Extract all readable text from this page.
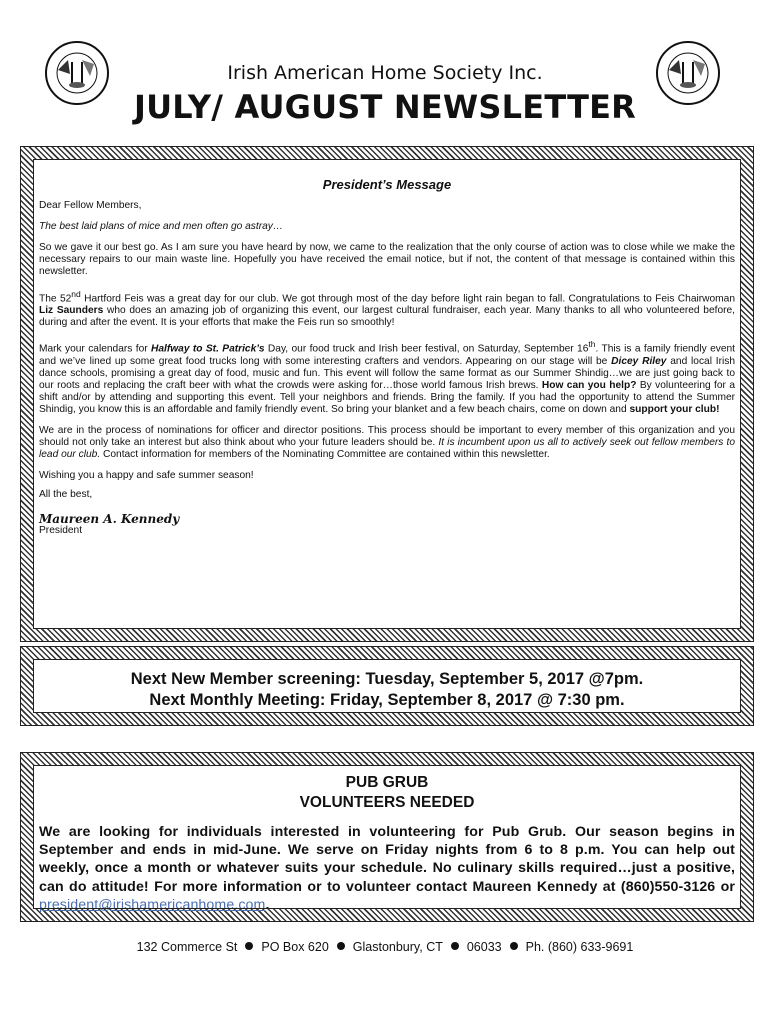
Irish American Home Society Inc.
JULY/ AUGUST NEWSLETTER
President’s Message

Dear Fellow Members,

The best laid plans of mice and men often go astray…

So we gave it our best go. As I am sure you have heard by now, we came to the realization that the only course of action was to close while we make the necessary repairs to our main waste line. Hopefully you have received the email notice, but if not, the content of that message is contained within this newsletter.

The 52nd Hartford Feis was a great day for our club. We got through most of the day before light rain began to fall. Congratulations to Feis Chairwoman Liz Saunders who does an amazing job of organizing this event, our largest cultural fundraiser, each year. Many thanks to all who volunteered before, during and after the event. It is your efforts that make the Feis run so smoothly!

Mark your calendars for Halfway to St. Patrick’s Day, our food truck and Irish beer festival, on Saturday, September 16th. This is a family friendly event and we’ve lined up some great food trucks long with some interesting crafters and vendors. Appearing on our stage will be Dicey Riley and local Irish dance schools, promising a great day of food, music and fun. This event will follow the same format as our Summer Shindig…we are just going back to our roots and replacing the craft beer with what the crowds were asking for…those world famous Irish brews. How can you help? By volunteering for a shift and/or by attending and supporting this event. Tell your neighbors and friends. Bring the family. If you had the opportunity to attend the Summer Shindig, you know this is an affordable and family friendly event. So bring your blanket and a few beach chairs, come on down and support your club!

We are in the process of nominations for officer and director positions. This process should be important to every member of this organization and you should not only take an interest but also think about who your future leaders should be. It is incumbent upon us all to actively seek out fellow members to lead our club. Contact information for members of the Nominating Committee are contained within this newsletter.

Wishing you a happy and safe summer season!

All the best,

Maureen A. Kennedy
President
Next New Member screening: Tuesday, September 5, 2017 @7pm.
Next Monthly Meeting: Friday, September 8, 2017 @ 7:30 pm.
PUB GRUB
VOLUNTEERS NEEDED
We are looking for individuals interested in volunteering for Pub Grub. Our season begins in September and ends in mid-June. We serve on Friday nights from 6 to 8 p.m. You can help out weekly, once a month or whatever suits your schedule. No culinary skills required…just a positive, can do attitude! For more information or to volunteer contact Maureen Kennedy at (860)550-3126 or president@irishamericanhome.com.
132 Commerce St PO Box 620 Glastonbury, CT 06033 Ph. (860) 633-9691
